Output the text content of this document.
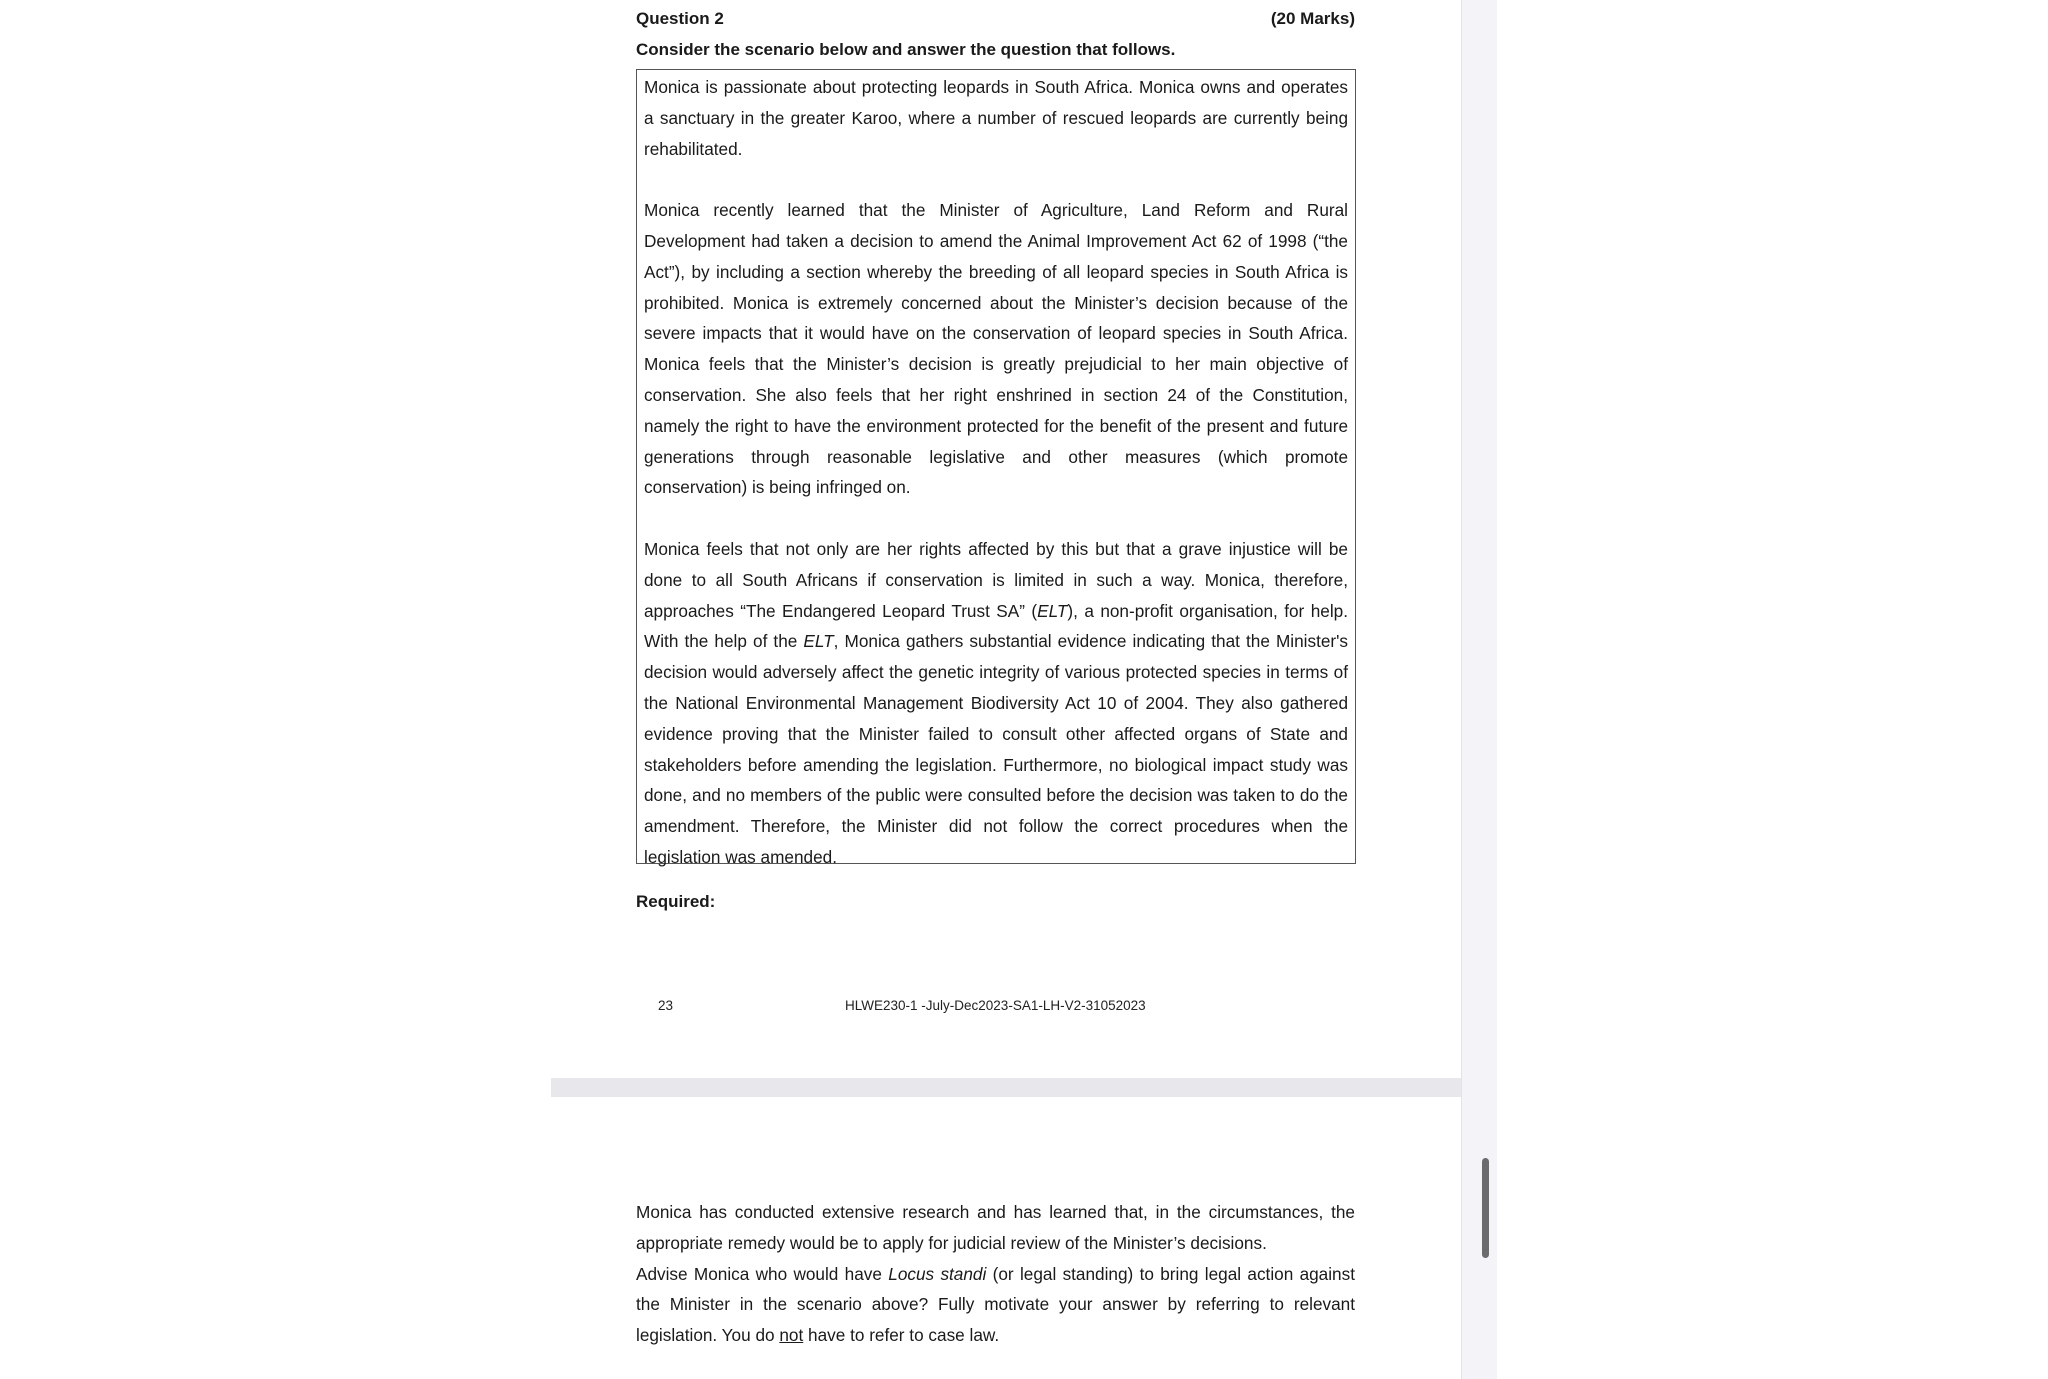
Question 2	(20 Marks)
Consider the scenario below and answer the question that follows.

Monica is passionate about protecting leopards in South Africa. Monica owns and operates a sanctuary in the greater Karoo, where a number of rescued leopards are currently being rehabilitated.

Monica recently learned that the Minister of Agriculture, Land Reform and Rural Development had taken a decision to amend the Animal Improvement Act 62 of 1998 (“the Act”), by including a section whereby the breeding of all leopard species in South Africa is prohibited. Monica is extremely concerned about the Minister’s decision because of the severe impacts that it would have on the conservation of leopard species in South Africa. Monica feels that the Minister’s decision is greatly prejudicial to her main objective of conservation. She also feels that her right enshrined in section 24 of the Constitution, namely the right to have the environment protected for the benefit of the present and future generations through reasonable legislative and other measures (which promote conservation) is being infringed on.

Monica feels that not only are her rights affected by this but that a grave injustice will be done to all South Africans if conservation is limited in such a way. Monica, therefore, approaches “The Endangered Leopard Trust SA” (ELT), a non-profit organisation, for help. With the help of the ELT, Monica gathers substantial evidence indicating that the Minister's decision would adversely affect the genetic integrity of various protected species in terms of the National Environmental Management Biodiversity Act 10 of 2004. They also gathered evidence proving that the Minister failed to consult other affected organs of State and stakeholders before amending the legislation. Furthermore, no biological impact study was done, and no members of the public were consulted before the decision was taken to do the amendment. Therefore, the Minister did not follow the correct procedures when the legislation was amended.

Required:
23	HLWE230-1 -July-Dec2023-SA1-LH-V2-31052023

Monica has conducted extensive research and has learned that, in the circumstances, the appropriate remedy would be to apply for judicial review of the Minister’s decisions.

Advise Monica who would have Locus standi (or legal standing) to bring legal action against the Minister in the scenario above? Fully motivate your answer by referring to relevant legislation. You do not have to refer to case law.
